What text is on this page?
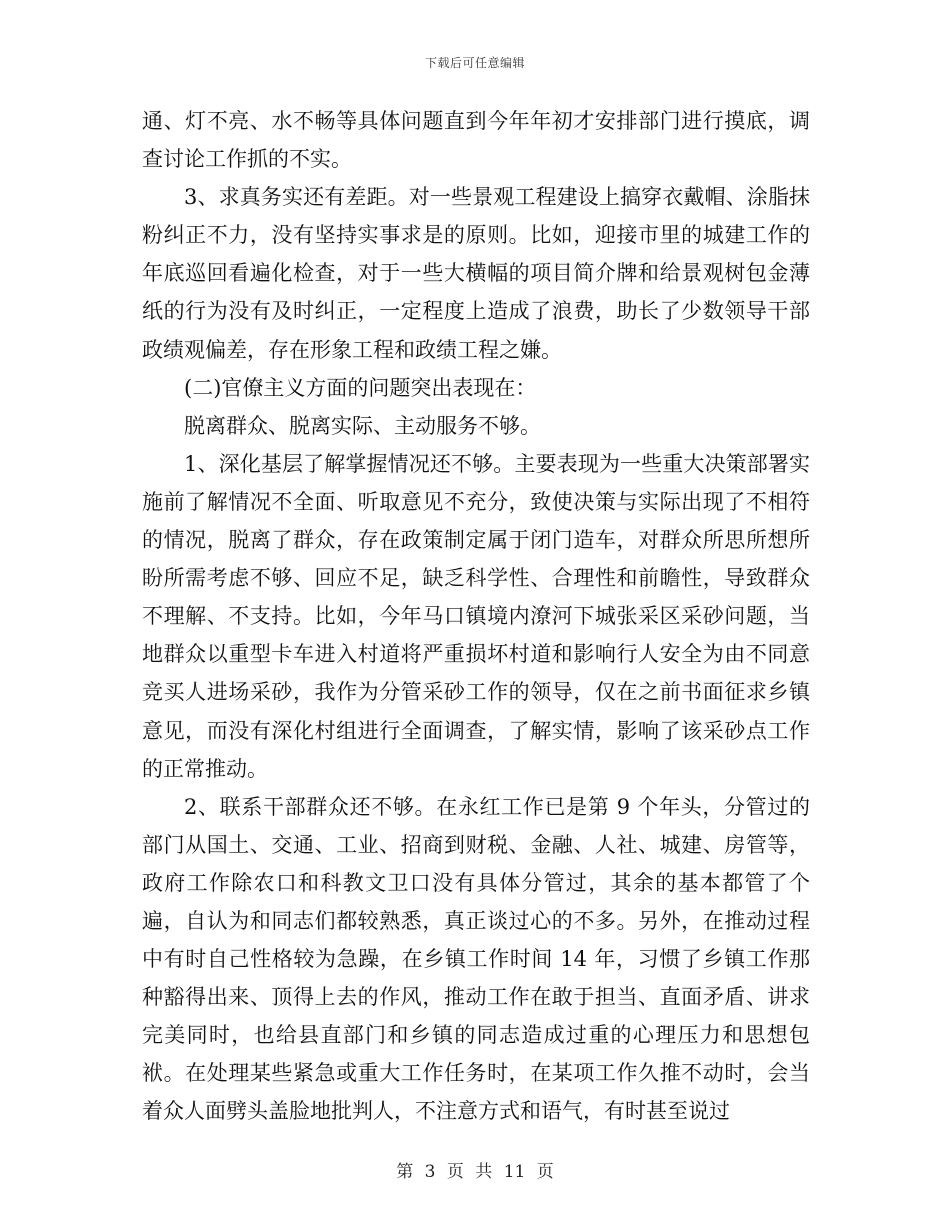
下载后可任意编辑

通、灯不亮、水不畅等具体问题直到今年年初才安排部门进行摸底，调查讨论工作抓的不实。

3、求真务实还有差距。对一些景观工程建设上搞穿衣戴帽、涂脂抹粉纠正不力，没有坚持实事求是的原则。比如，迎接市里的城建工作的年底巡回看遍化检查，对于一些大横幅的项目简介牌和给景观树包金薄纸的行为没有及时纠正，一定程度上造成了浪费，助长了少数领导干部政绩观偏差，存在形象工程和政绩工程之嫌。

(二)官僚主义方面的问题突出表现在：

脱离群众、脱离实际、主动服务不够。

1、深化基层了解掌握情况还不够。主要表现为一些重大决策部署实施前了解情况不全面、听取意见不充分，致使决策与实际出现了不相符的情况，脱离了群众，存在政策制定属于闭门造车，对群众所思所想所盼所需考虑不够、回应不足，缺乏科学性、合理性和前瞻性，导致群众不理解、不支持。比如，今年马口镇境内潦河下城张采区采砂问题，当地群众以重型卡车进入村道将严重损坏村道和影响行人安全为由不同意竞买人进场采砂，我作为分管采砂工作的领导，仅在之前书面征求乡镇意见，而没有深化村组进行全面调查，了解实情，影响了该采砂点工作的正常推动。

2、联系干部群众还不够。在永红工作已是第 9 个年头，分管过的部门从国土、交通、工业、招商到财税、金融、人社、城建、房管等，政府工作除农口和科教文卫口没有具体分管过，其余的基本都管了个遍，自认为和同志们都较熟悉，真正谈过心的不多。另外，在推动过程中有时自己性格较为急躁，在乡镇工作时间 14 年，习惯了乡镇工作那种豁得出来、顶得上去的作风，推动工作在敢于担当、直面矛盾、讲求完美同时，也给县直部门和乡镇的同志造成过重的心理压力和思想包袱。在处理某些紧急或重大工作任务时，在某项工作久推不动时，会当着众人面劈头盖脸地批判人，不注意方式和语气，有时甚至说过

第 3 页 共 11 页
